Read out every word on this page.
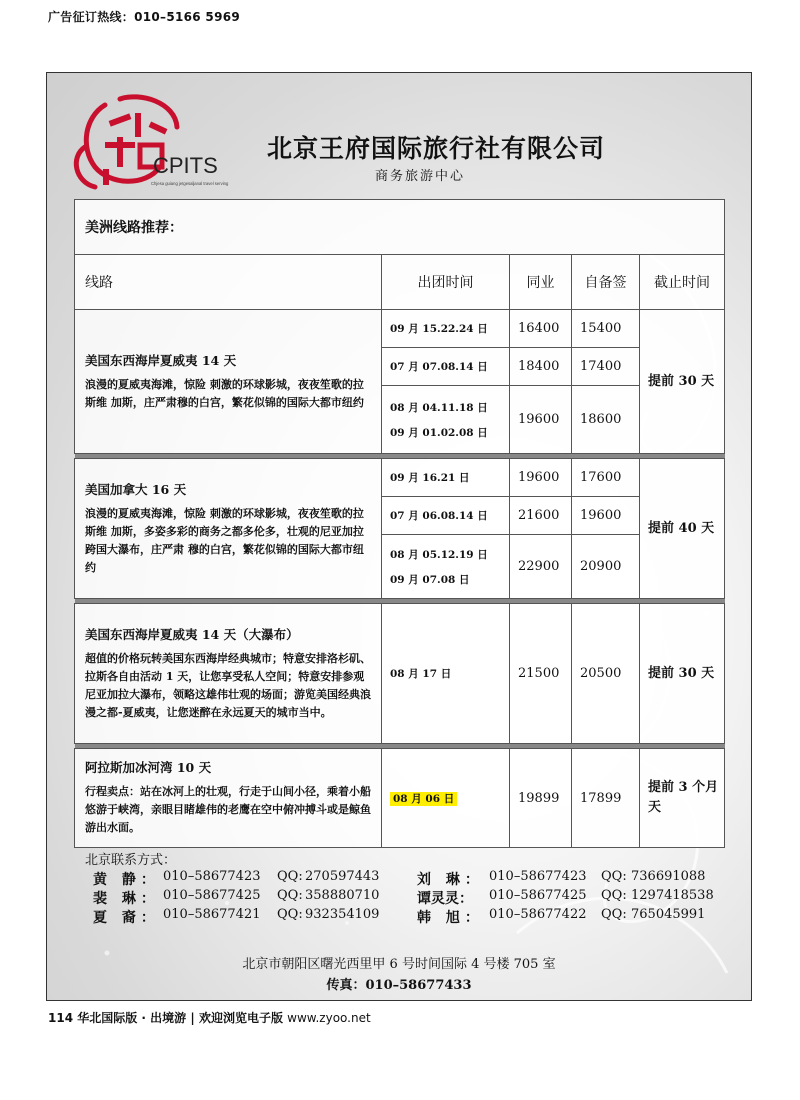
广告征订热线：010–5166 5969
CPITS
Chjesa guiang jetgesaljanal travel serving
北京王府国际旅行社有限公司
商务旅游中心
美洲线路推荐：				
线路	出团时间	同业	自备签	截止时间

美国东西海岸夏威夷 14 天
浪漫的夏威夷海滩，惊险 刺激的环球影城，夜夜笙歌的拉斯维 加斯，庄严肃穆的白宫，繁花似锦的国际大都市纽约	09 月 15.22.24 日	16400	15400	提前 30 天
	07 月 07.08.14 日	18400	17400	
	08 月 04.11.18 日
09 月 01.02.08 日	19600	18600	

美国加拿大 16 天
浪漫的夏威夷海滩，惊险 刺激的环球影城，夜夜笙歌的拉斯维 加斯，多姿多彩的商务之都多伦多，壮观的尼亚加拉跨国大瀑布，庄严肃 穆的白宫，繁花似锦的国际大都市纽约	09 月 16.21 日	19600	17600	提前 40 天
	07 月 06.08.14 日	21600	19600	
	08 月 05.12.19 日
09 月 07.08 日	22900	20900	

美国东西海岸夏威夷 14 天（大瀑布）
超值的价格玩转美国东西海岸经典城市；特意安排洛杉矶、拉斯各自由活动 1 天，让您享受私人空间；特意安排参观尼亚加拉大瀑布，领略这雄伟壮观的场面；游览美国经典浪漫之都-夏威夷，让您迷醉在永远夏天的城市当中。	08 月 17 日	21500	20500	提前 30 天

阿拉斯加冰河湾 10 天
行程卖点：站在冰河上的壮观，行走于山间小径，乘着小船悠游于峡湾，亲眼目睹雄伟的老鹰在空中俯冲搏斗或是鲸鱼游出水面。	08 月 06 日	19899	17899	提前 3 个月天
北京联系方式：
黄 静： 010–58677423 QQ: 270597443	刘 琳： 010–58677423 QQ: 736691088
裴 琳： 010–58677425 QQ: 358880710	谭灵灵： 010–58677425 QQ: 1297418538
夏 裔： 010–58677421 QQ: 932354109	韩 旭： 010–58677422 QQ: 765045991
北京市朝阳区曙光西里甲 6 号时间国际 4 号楼 705 室
传真：010–58677433
114 华北国际版 · 出境游 | 欢迎浏览电子版 www.zyoo.net
